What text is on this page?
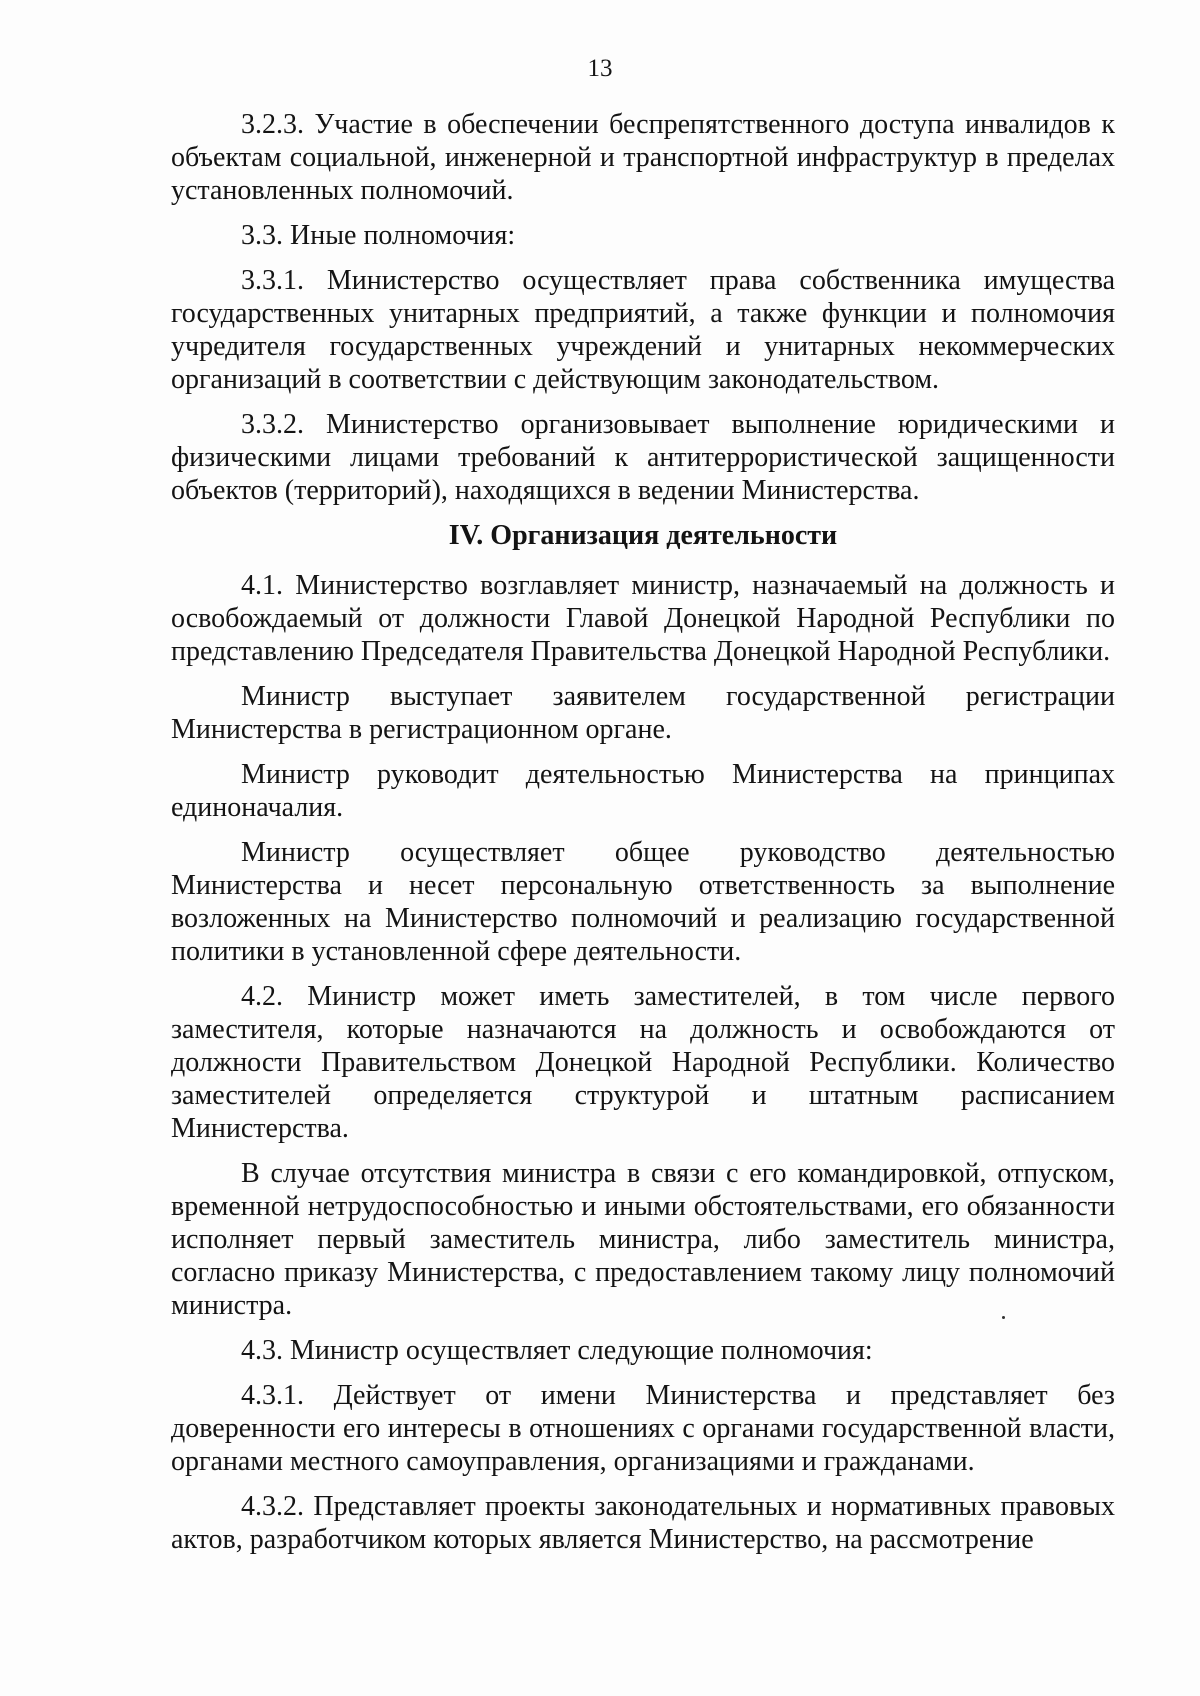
13

3.2.3. Участие в обеспечении беспрепятственного доступа инвалидов к объектам социальной, инженерной и транспортной инфраструктур в пределах установленных полномочий.

3.3. Иные полномочия:

3.3.1. Министерство осуществляет права собственника имущества государственных унитарных предприятий, а также функции и полномочия учредителя государственных учреждений и унитарных некоммерческих организаций в соответствии с действующим законодательством.

3.3.2. Министерство организовывает выполнение юридическими и физическими лицами требований к антитеррористической защищенности объектов (территорий), находящихся в ведении Министерства.

IV. Организация деятельности

4.1. Министерство возглавляет министр, назначаемый на должность и освобождаемый от должности Главой Донецкой Народной Республики по представлению Председателя Правительства Донецкой Народной Республики.

Министр выступает заявителем государственной регистрации Министерства в регистрационном органе.

Министр руководит деятельностью Министерства на принципах единоначалия.

Министр осуществляет общее руководство деятельностью Министерства и несет персональную ответственность за выполнение возложенных на Министерство полномочий и реализацию государственной политики в установленной сфере деятельности.

4.2. Министр может иметь заместителей, в том числе первого заместителя, которые назначаются на должность и освобождаются от должности Правительством Донецкой Народной Республики. Количество заместителей определяется структурой и штатным расписанием Министерства.

В случае отсутствия министра в связи с его командировкой, отпуском, временной нетрудоспособностью и иными обстоятельствами, его обязанности исполняет первый заместитель министра, либо заместитель министра, согласно приказу Министерства, с предоставлением такому лицу полномочий министра.

4.3. Министр осуществляет следующие полномочия:

4.3.1. Действует от имени Министерства и представляет без доверенности его интересы в отношениях с органами государственной власти, органами местного самоуправления, организациями и гражданами.

4.3.2. Представляет проекты законодательных и нормативных правовых актов, разработчиком которых является Министерство, на рассмотрение
